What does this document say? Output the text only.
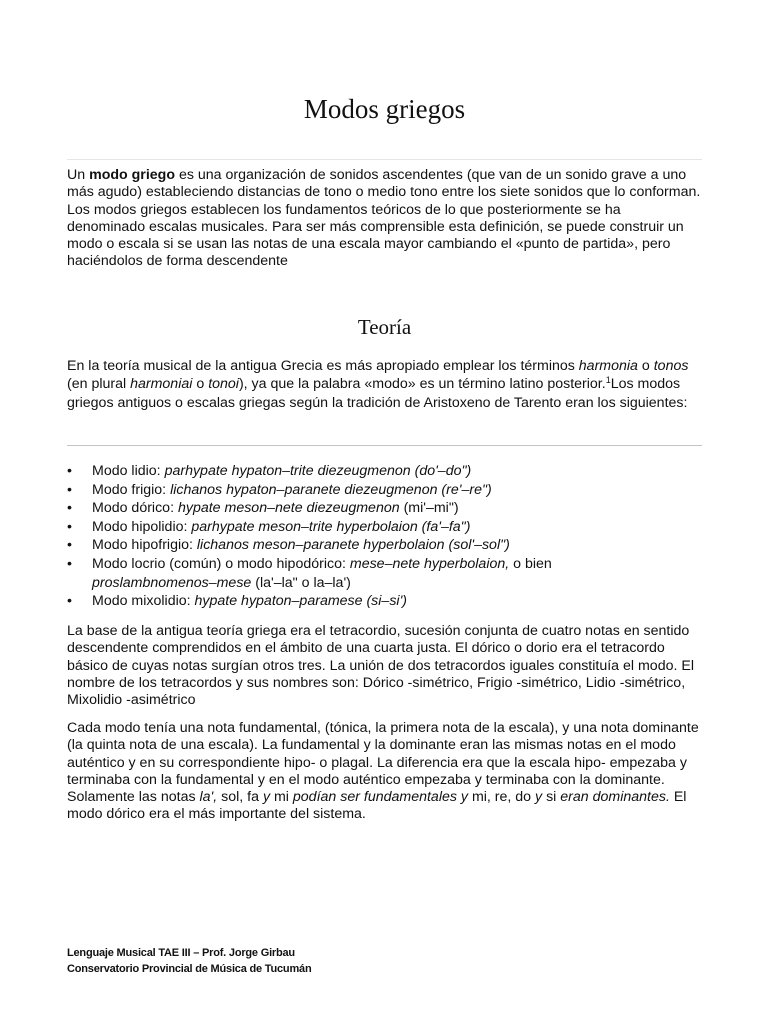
Modos griegos

Un modo griego es una organización de sonidos ascendentes (que van de un sonido grave a uno más agudo) estableciendo distancias de tono o medio tono entre los siete sonidos que lo conforman. Los modos griegos establecen los fundamentos teóricos de lo que posteriormente se ha denominado escalas musicales. Para ser más comprensible esta definición, se puede construir un modo o escala si se usan las notas de una escala mayor cambiando el «punto de partida», pero haciéndolos de forma descendente

Teoría

En la teoría musical de la antigua Grecia es más apropiado emplear los términos harmonia o tonos (en plural harmoniai o tonoi), ya que la palabra «modo» es un término latino posterior.$^1$Los modos griegos antiguos o escalas griegas según la tradición de Aristoxeno de Tarento eran los siguientes:

• Modo lidio: parhypate hypaton–trite diezeugmenon (do'–do")
• Modo frigio: lichanos hypaton–paranete diezeugmenon (re'–re")
• Modo dórico: hypate meson–nete diezeugmenon (mi'–mi")
• Modo hipolidio: parhypate meson–trite hyperbolaion (fa'–fa")
• Modo hipofrigio: lichanos meson–paranete hyperbolaion (sol'–sol")
• Modo locrio (común) o modo hipodórico: mese–nete hyperbolaion, o bien proslambnomenos–mese (la'–la" o la–la')
• Modo mixolidio: hypate hypaton–paramese (si–si')

La base de la antigua teoría griega era el tetracordio, sucesión conjunta de cuatro notas en sentido descendente comprendidos en el ámbito de una cuarta justa. El dórico o dorio era el tetracordo básico de cuyas notas surgían otros tres. La unión de dos tetracordos iguales constituía el modo. El nombre de los tetracordos y sus nombres son: Dórico -simétrico, Frigio -simétrico, Lidio -simétrico, Mixolidio -asimétrico

Cada modo tenía una nota fundamental, (tónica, la primera nota de la escala), y una nota dominante (la quinta nota de una escala). La fundamental y la dominante eran las mismas notas en el modo auténtico y en su correspondiente hipo- o plagal. La diferencia era que la escala hipo- empezaba y terminaba con la fundamental y en el modo auténtico empezaba y terminaba con la dominante. Solamente las notas la', sol, fa y mi podían ser fundamentales y mi, re, do y si eran dominantes. El modo dórico era el más importante del sistema.

Lenguaje Musical TAE III – Prof. Jorge Girbau
Conservatorio Provincial de Música de Tucumán
